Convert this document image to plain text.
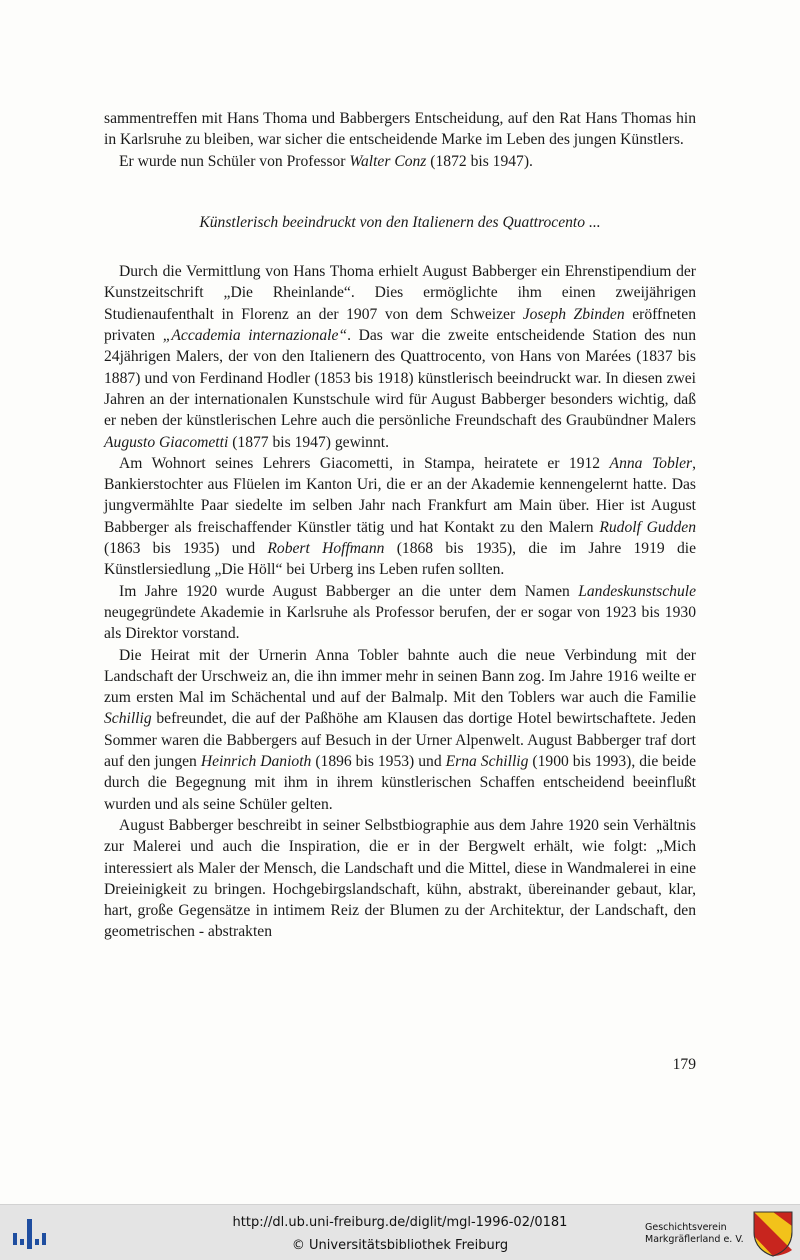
sammentreffen mit Hans Thoma und Babbergers Entscheidung, auf den Rat Hans Thomas hin in Karlsruhe zu bleiben, war sicher die entscheidende Marke im Leben des jungen Künstlers.

Er wurde nun Schüler von Professor Walter Conz (1872 bis 1947).

Künstlerisch beeindruckt von den Italienern des Quattrocento ...

Durch die Vermittlung von Hans Thoma erhielt August Babberger ein Ehrenstipendium der Kunstzeitschrift „Die Rheinlande“. Dies ermöglichte ihm einen zweijährigen Studienaufenthalt in Florenz an der 1907 von dem Schweizer Joseph Zbinden eröffneten privaten „Accademia internazionale“. Das war die zweite entscheidende Station des nun 24jährigen Malers, der von den Italienern des Quattrocento, von Hans von Marées (1837 bis 1887) und von Ferdinand Hodler (1853 bis 1918) künstlerisch beeindruckt war. In diesen zwei Jahren an der internationalen Kunstschule wird für August Babberger besonders wichtig, daß er neben der künstlerischen Lehre auch die persönliche Freundschaft des Graubündner Malers Augusto Giacometti (1877 bis 1947) gewinnt.

Am Wohnort seines Lehrers Giacometti, in Stampa, heiratete er 1912 Anna Tobler, Bankierstochter aus Flüelen im Kanton Uri, die er an der Akademie kennengelernt hatte. Das jungvermählte Paar siedelte im selben Jahr nach Frankfurt am Main über. Hier ist August Babberger als freischaffender Künstler tätig und hat Kontakt zu den Malern Rudolf Gudden (1863 bis 1935) und Robert Hoffmann (1868 bis 1935), die im Jahre 1919 die Künstlersiedlung „Die Höll“ bei Urberg ins Leben rufen sollten.

Im Jahre 1920 wurde August Babberger an die unter dem Namen Landeskunstschule neugegründete Akademie in Karlsruhe als Professor berufen, der er sogar von 1923 bis 1930 als Direktor vorstand.

Die Heirat mit der Urnerin Anna Tobler bahnte auch die neue Verbindung mit der Landschaft der Urschweiz an, die ihn immer mehr in seinen Bann zog. Im Jahre 1916 weilte er zum ersten Mal im Schächental und auf der Balmalp. Mit den Toblers war auch die Familie Schillig befreundet, die auf der Paßhöhe am Klausen das dortige Hotel bewirtschaftete. Jeden Sommer waren die Babbergers auf Besuch in der Urner Alpenwelt. August Babberger traf dort auf den jungen Heinrich Danioth (1896 bis 1953) und Erna Schillig (1900 bis 1993), die beide durch die Begegnung mit ihm in ihrem künstlerischen Schaffen entscheidend beeinflußt wurden und als seine Schüler gelten.

August Babberger beschreibt in seiner Selbstbiographie aus dem Jahre 1920 sein Verhältnis zur Malerei und auch die Inspiration, die er in der Bergwelt erhält, wie folgt: „Mich interessiert als Maler der Mensch, die Landschaft und die Mittel, diese in Wandmalerei in eine Dreieinigkeit zu bringen. Hochgebirgslandschaft, kühn, abstrakt, übereinander gebaut, klar, hart, große Gegensätze in intimem Reiz der Blumen zu der Architektur, der Landschaft, den geometrischen - abstrakten

179
http://dl.ub.uni-freiburg.de/diglit/mgl-1996-02/0181
© Universitätsbibliothek Freiburg
Geschichtsverein
Markgräflerland e. V.
